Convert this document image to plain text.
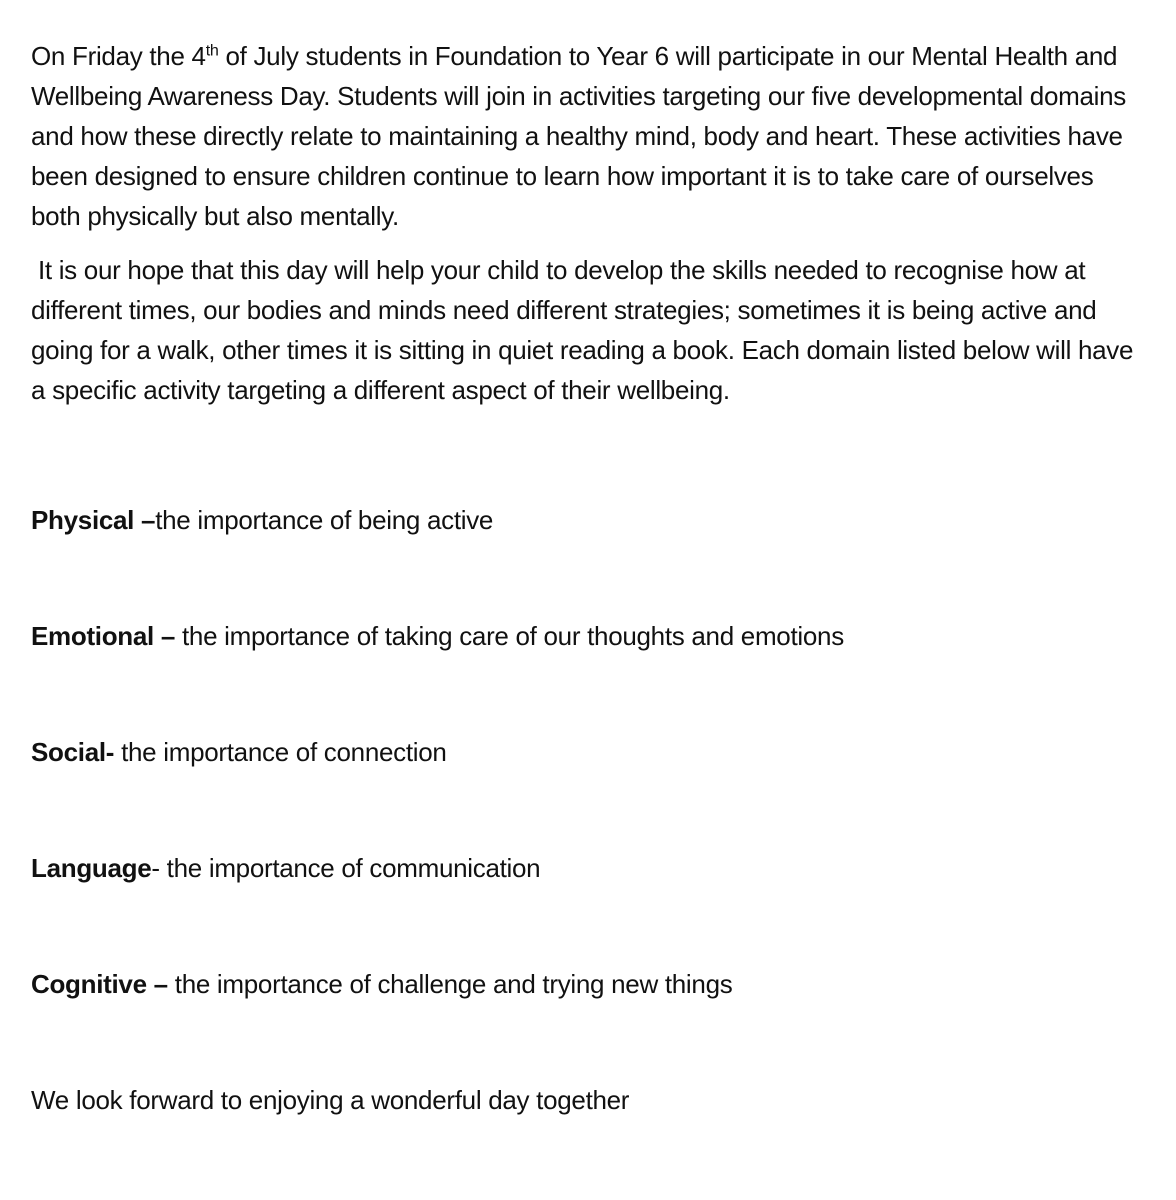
On Friday the 4th of July students in Foundation to Year 6 will participate in our Mental Health and Wellbeing Awareness Day. Students will join in activities targeting our five developmental domains and how these directly relate to maintaining a healthy mind, body and heart. These activities have been designed to ensure children continue to learn how important it is to take care of ourselves both physically but also mentally.

It is our hope that this day will help your child to develop the skills needed to recognise how at different times, our bodies and minds need different strategies; sometimes it is being active and going for a walk, other times it is sitting in quiet reading a book. Each domain listed below will have a specific activity targeting a different aspect of their wellbeing.

Physical –the importance of being active

Emotional – the importance of taking care of our thoughts and emotions

Social- the importance of connection

Language- the importance of communication

Cognitive – the importance of challenge and trying new things

We look forward to enjoying a wonderful day together
